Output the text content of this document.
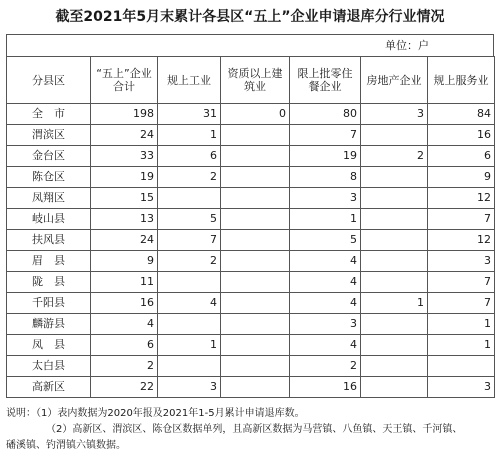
截至2021年5月末累计各县区“五上”企业申请退库分行业情况
单位：户
分县区	“五上”企业合计	规上工业	资质以上建筑业	限上批零住餐企业	房地产企业	规上服务业
全　市	198	31	0	80	3	84
渭滨区	24	1		7		16
金台区	33	6		19	2	6
陈仓区	19	2		8		9
凤翔区	15			3		12
岐山县	13	5		1		7
扶风县	24	7		5		12
眉　县	9	2		4		3
陇　县	11			4		7
千阳县	16	4		4	1	7
麟游县	4			3		1
凤　县	6	1		4		1
太白县	2			2		
高新区	22	3		16		3
说明：（1）表内数据为2020年报及2021年1-5月累计申请退库数。
（2）高新区、渭滨区、陈仓区数据单列，且高新区数据为马营镇、八鱼镇、天王镇、千河镇、
磻溪镇、钓渭镇六镇数据。
